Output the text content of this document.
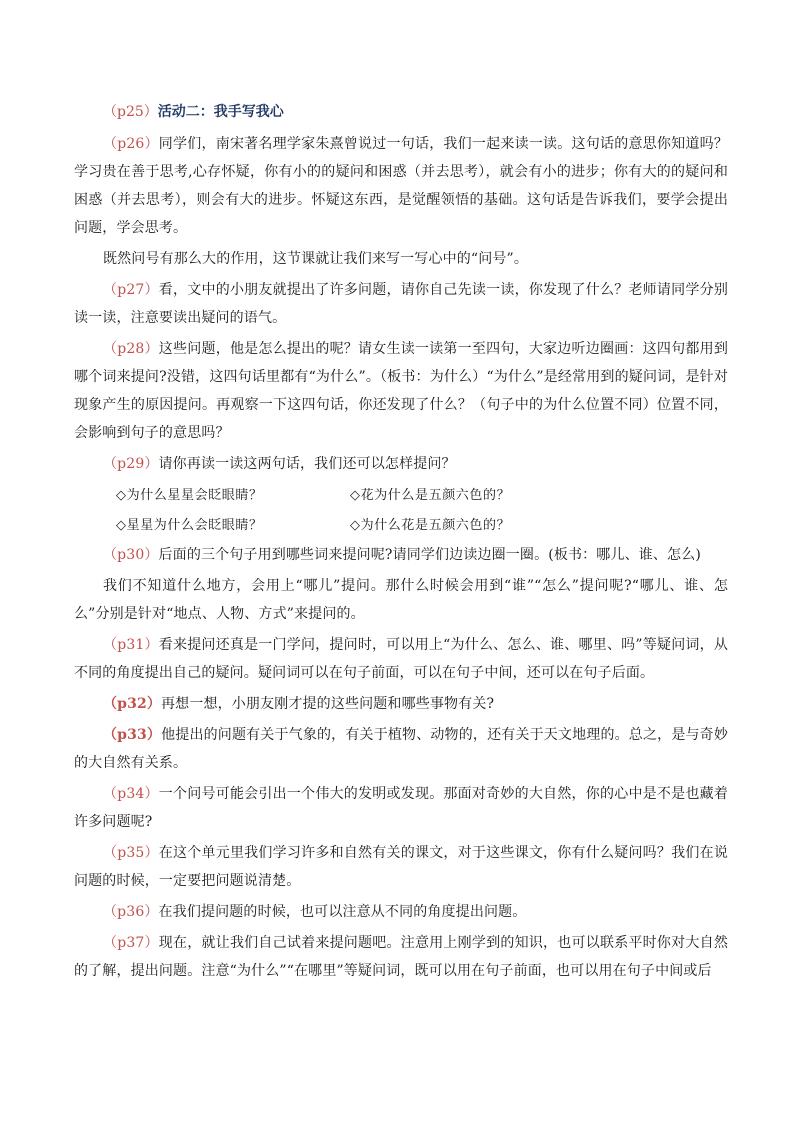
（p25）活动二：我手写我心

（p26）同学们，南宋著名理学家朱熹曾说过一句话，我们一起来读一读。这句话的意思你知道吗？学习贵在善于思考,心存怀疑，你有小的的疑问和困惑（并去思考），就会有小的进步；你有大的的疑问和困惑（并去思考），则会有大的进步。怀疑这东西，是觉醒领悟的基础。这句话是告诉我们，要学会提出问题，学会思考。

既然问号有那么大的作用，这节课就让我们来写一写心中的“问号”。

（p27）看，文中的小朋友就提出了许多问题，请你自己先读一读，你发现了什么？老师请同学分别读一读，注意要读出疑问的语气。

（p28）这些问题，他是怎么提出的呢？请女生读一读第一至四句，大家边听边圈画：这四句都用到哪个词来提问?没错，这四句话里都有“为什么”。（板书：为什么）“为什么”是经常用到的疑问词，是针对现象产生的原因提问。再观察一下这四句话，你还发现了什么？（句子中的为什么位置不同）位置不同，会影响到句子的意思吗？

（p29）请你再读一读这两句话，我们还可以怎样提问？

◇为什么星星会眨眼睛？	◇花为什么是五颜六色的？
◇星星为什么会眨眼睛？	◇为什么花是五颜六色的？

（p30）后面的三个句子用到哪些词来提问呢?请同学们边读边圈一圈。(板书：哪儿、谁、怎么)

我们不知道什么地方，会用上“哪儿”提问。那什么时候会用到“谁”“怎么”提问呢?“哪儿、谁、怎么”分别是针对“地点、人物、方式”来提问的。

（p31）看来提问还真是一门学问，提问时，可以用上“为什么、怎么、谁、哪里、吗”等疑问词，从不同的角度提出自己的疑问。疑问词可以在句子前面，可以在句子中间，还可以在句子后面。

（p32）再想一想，小朋友刚才提的这些问题和哪些事物有关?

（p33）他提出的问题有关于气象的，有关于植物、动物的，还有关于天文地理的。总之，是与奇妙的大自然有关系。

（p34）一个问号可能会引出一个伟大的发明或发现。那面对奇妙的大自然，你的心中是不是也藏着许多问题呢?

（p35）在这个单元里我们学习许多和自然有关的课文，对于这些课文，你有什么疑问吗？我们在说问题的时候，一定要把问题说清楚。

（p36）在我们提问题的时候，也可以注意从不同的角度提出问题。

（p37）现在，就让我们自己试着来提问题吧。注意用上刚学到的知识，也可以联系平时你对大自然的了解，提出问题。注意“为什么”“在哪里”等疑问词，既可以用在句子前面，也可以用在句子中间或后
